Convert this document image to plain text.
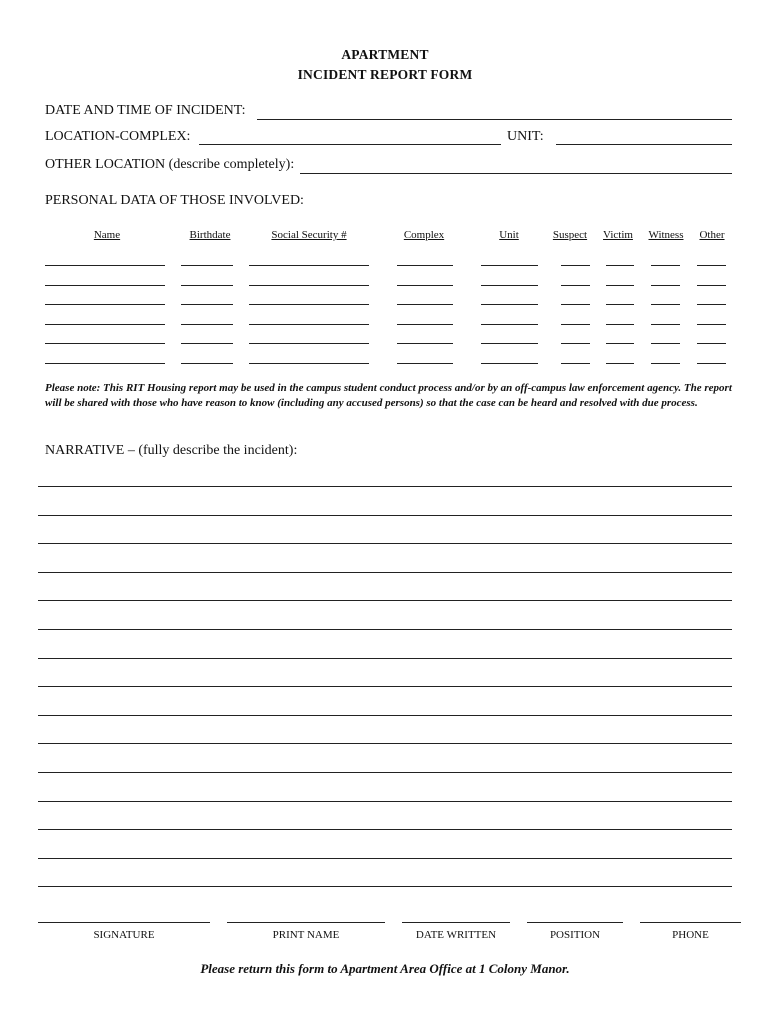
APARTMENT
INCIDENT REPORT FORM
DATE AND TIME OF INCIDENT:
LOCATION-COMPLEX:	UNIT:
OTHER LOCATION (describe completely):
PERSONAL DATA OF THOSE INVOLVED:
Name	Birthdate	Social Security #	Complex	Unit	Suspect	Victim	Witness	Other
Please note: This RIT Housing report may be used in the campus student conduct process and/or by an off-campus law enforcement agency. The report will be shared with those who have reason to know (including any accused persons) so that the case can be heard and resolved with due process.
NARRATIVE – (fully describe the incident):
SIGNATURE	PRINT NAME	DATE WRITTEN	POSITION	PHONE
Please return this form to Apartment Area Office at 1 Colony Manor.
